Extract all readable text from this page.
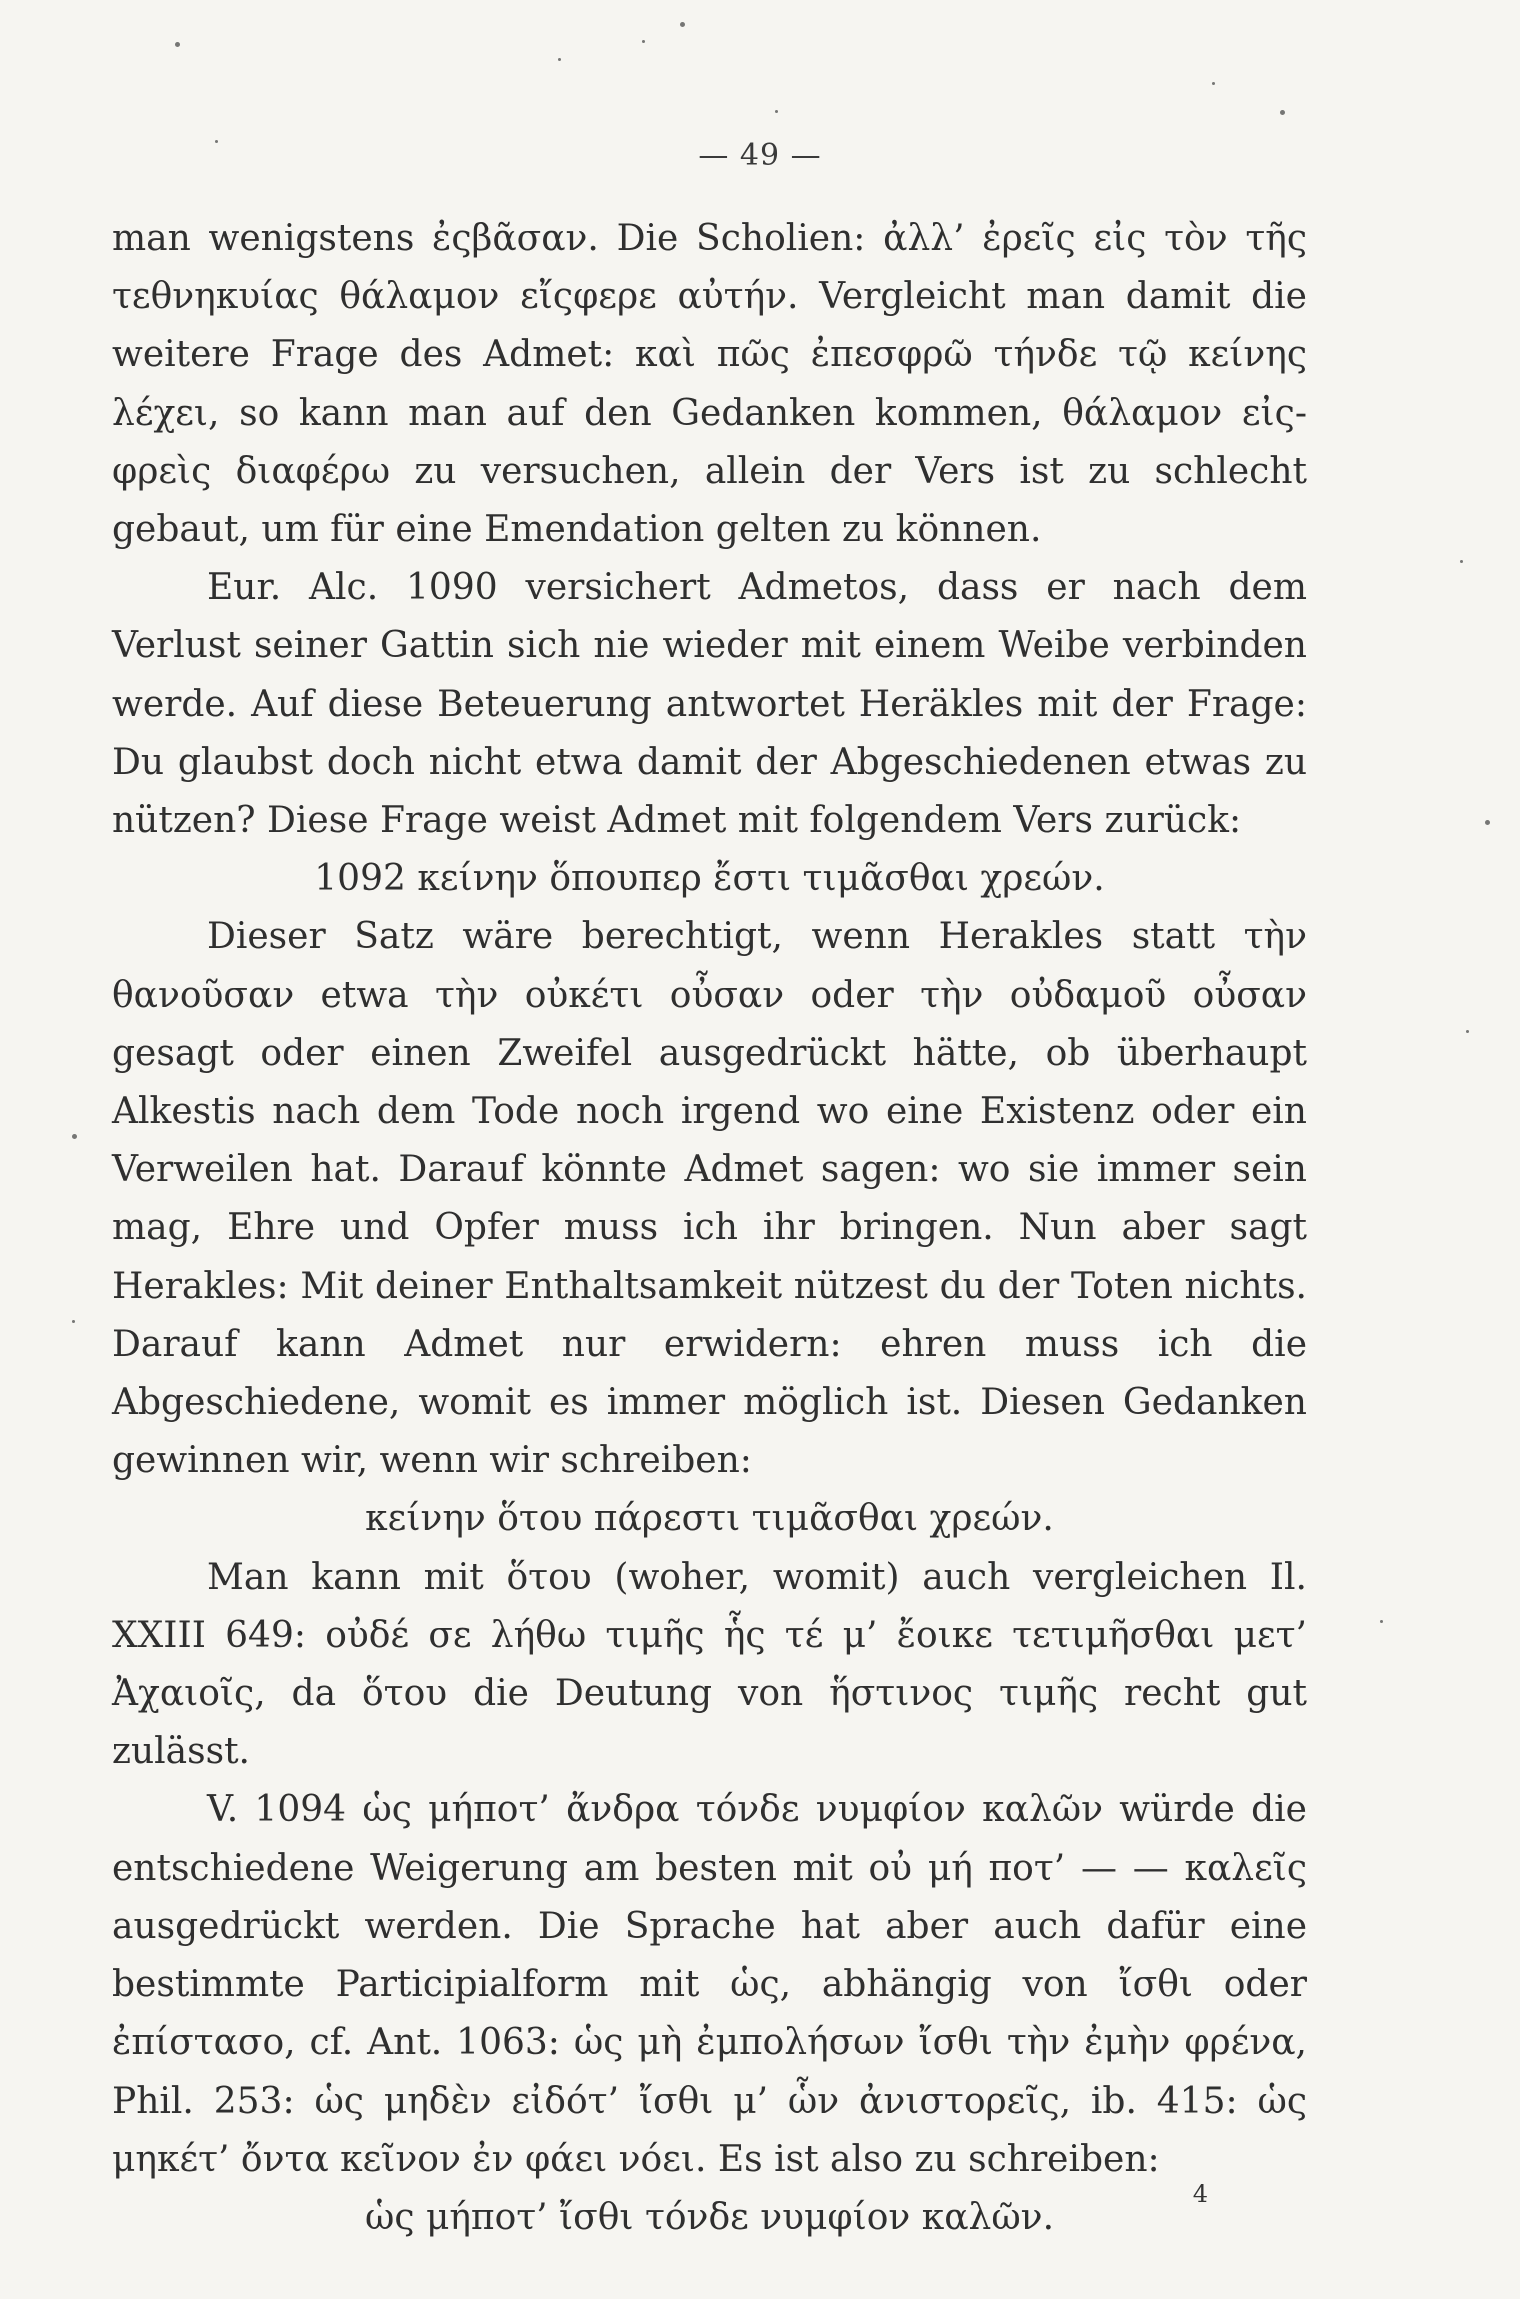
— 49 —

man wenigstens ἐςβᾶσαν. Die Scholien: ἀλλ’ ἐρεῖς εἰς τὸν τῆς τεθνηκυίας θάλαμον εἴςφερε αὐτήν. Vergleicht man damit die weitere Frage des Admet: καὶ πῶς ἐπεσφρῶ τήνδε τῷ κείνης λέχει, so kann man auf den Gedanken kommen, θάλαμον εἰς-φρεὶς διαφέρω zu versuchen, allein der Vers ist zu schlecht gebaut, um für eine Emendation gelten zu können.

Eur. Alc. 1090 versichert Admetos, dass er nach dem Verlust seiner Gattin sich nie wieder mit einem Weibe verbinden werde. Auf diese Beteuerung antwortet Heräkles mit der Frage: Du glaubst doch nicht etwa damit der Abgeschiedenen etwas zu nützen? Diese Frage weist Admet mit folgendem Vers zurück:

1092 κείνην ὅπουπερ ἔστι τιμᾶσθαι χρεών.

Dieser Satz wäre berechtigt, wenn Herakles statt τὴν θανοῦσαν etwa τὴν οὐκέτι οὖσαν oder τὴν οὐδαμοῦ οὖσαν gesagt oder einen Zweifel ausgedrückt hätte, ob überhaupt Alkestis nach dem Tode noch irgend wo eine Existenz oder ein Verweilen hat. Darauf könnte Admet sagen: wo sie immer sein mag, Ehre und Opfer muss ich ihr bringen. Nun aber sagt Herakles: Mit deiner Enthaltsamkeit nützest du der Toten nichts. Darauf kann Admet nur erwidern: ehren muss ich die Abgeschiedene, womit es immer möglich ist. Diesen Gedanken gewinnen wir, wenn wir schreiben:

κείνην ὅτου πάρεστι τιμᾶσθαι χρεών.

Man kann mit ὅτου (woher, womit) auch vergleichen Il. XXIII 649: οὐδέ σε λήθω τιμῆς ἧς τέ μ’ ἔοικε τετιμῆσθαι μετ’ Ἀχαιοῖς, da ὅτου die Deutung von ἥστινος τιμῆς recht gut zulässt.

V. 1094 ὡς μήποτ’ ἄνδρα τόνδε νυμφίον καλῶν würde die entschiedene Weigerung am besten mit οὐ μή ποτ’ — — καλεῖς ausgedrückt werden. Die Sprache hat aber auch dafür eine bestimmte Participialform mit ὡς, abhängig von ἴσθι oder ἐπίστασο, cf. Ant. 1063: ὡς μὴ ἐμπολήσων ἴσθι τὴν ἐμὴν φρένα, Phil. 253: ὡς μηδὲν εἰδότ’ ἴσθι μ’ ὧν ἀνιστορεῖς, ib. 415: ὡς μηκέτ’ ὄντα κεῖνον ἐν φάει νόει. Es ist also zu schreiben:

ὡς μήποτ’ ἴσθι τόνδε νυμφίον καλῶν.

4
